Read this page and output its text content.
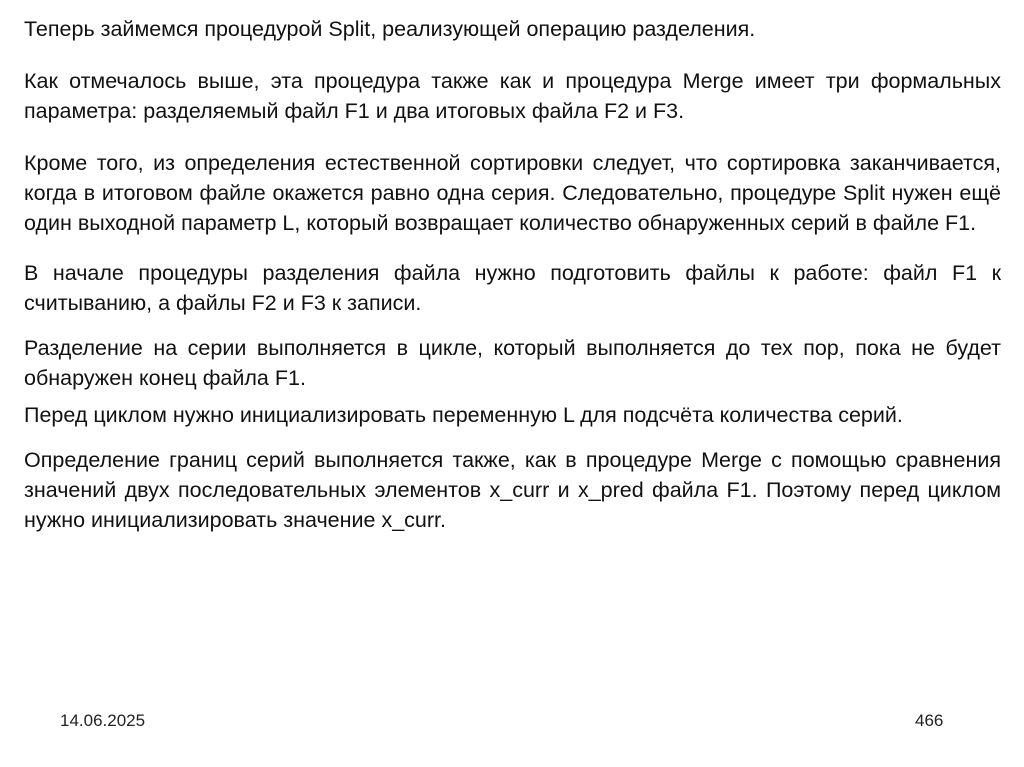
Теперь займемся процедурой Split, реализующей операцию разделения.

Как отмечалось выше, эта процедура также как и процедура Merge имеет три формальных параметра: разделяемый файл F1 и два итоговых файла F2 и F3.

Кроме того, из определения естественной сортировки следует, что сортировка заканчивается, когда в итоговом файле окажется равно одна серия. Следовательно, процедуре Split нужен ещё один выходной параметр L, который возвращает количество обнаруженных серий в файле F1.

В начале процедуры разделения файла нужно подготовить файлы к работе: файл F1 к считыванию, а файлы F2 и F3 к записи.

Разделение на серии выполняется в цикле, который выполняется до тех пор, пока не будет обнаружен конец файла F1.

Перед циклом нужно инициализировать переменную L для подсчёта количества серий.

Определение границ серий выполняется также, как в процедуре Merge с помощью сравнения значений двух последовательных элементов x_curr и x_pred файла F1. Поэтому перед циклом нужно инициализировать значение x_curr.

14.06.2025	466
